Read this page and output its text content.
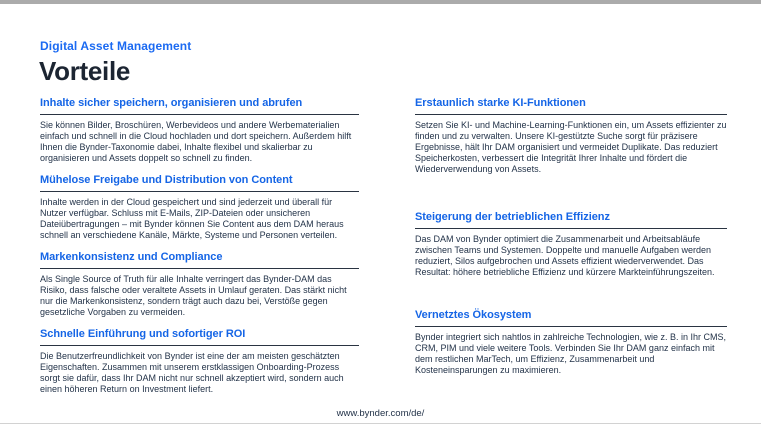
Digital Asset Management
Vorteile
Inhalte sicher speichern, organisieren und abrufen

Sie können Bilder, Broschüren, Werbevideos und andere Werbematerialien einfach und schnell in die Cloud hochladen und dort speichern. Außerdem hilft Ihnen die Bynder-Taxonomie dabei, Inhalte flexibel und skalierbar zu organisieren und Assets doppelt so schnell zu finden.

Mühelose Freigabe und Distribution von Content

Inhalte werden in der Cloud gespeichert und sind jederzeit und überall für Nutzer verfügbar. Schluss mit E-Mails, ZIP-Dateien oder unsicheren Dateiübertragungen – mit Bynder können Sie Content aus dem DAM heraus schnell an verschiedene Kanäle, Märkte, Systeme und Personen verteilen.

Markenkonsistenz und Compliance

Als Single Source of Truth für alle Inhalte verringert das Bynder-DAM das Risiko, dass falsche oder veraltete Assets in Umlauf geraten. Das stärkt nicht nur die Markenkonsistenz, sondern trägt auch dazu bei, Verstöße gegen gesetzliche Vorgaben zu vermeiden.

Schnelle Einführung und sofortiger ROI

Die Benutzerfreundlichkeit von Bynder ist eine der am meisten geschätzten Eigenschaften. Zusammen mit unserem erstklassigen Onboarding-Prozess sorgt sie dafür, dass Ihr DAM nicht nur schnell akzeptiert wird, sondern auch einen höheren Return on Investment liefert.

Erstaunlich starke KI-Funktionen

Setzen Sie KI- und Machine-Learning-Funktionen ein, um Assets effizienter zu finden und zu verwalten. Unsere KI-gestützte Suche sorgt für präzisere Ergebnisse, hält Ihr DAM organisiert und vermeidet Duplikate. Das reduziert Speicherkosten, verbessert die Integrität Ihrer Inhalte und fördert die Wiederverwendung von Assets.

Steigerung der betrieblichen Effizienz

Das DAM von Bynder optimiert die Zusammenarbeit und Arbeitsabläufe zwischen Teams und Systemen. Doppelte und manuelle Aufgaben werden reduziert, Silos aufgebrochen und Assets effizient wiederverwendet. Das Resultat: höhere betriebliche Effizienz und kürzere Markteinführungszeiten.

Vernetztes Ökosystem

Bynder integriert sich nahtlos in zahlreiche Technologien, wie z. B. in Ihr CMS, CRM, PIM und viele weitere Tools. Verbinden Sie Ihr DAM ganz einfach mit dem restlichen MarTech, um Effizienz, Zusammenarbeit und Kosteneinsparungen zu maximieren.

www.bynder.com/de/
